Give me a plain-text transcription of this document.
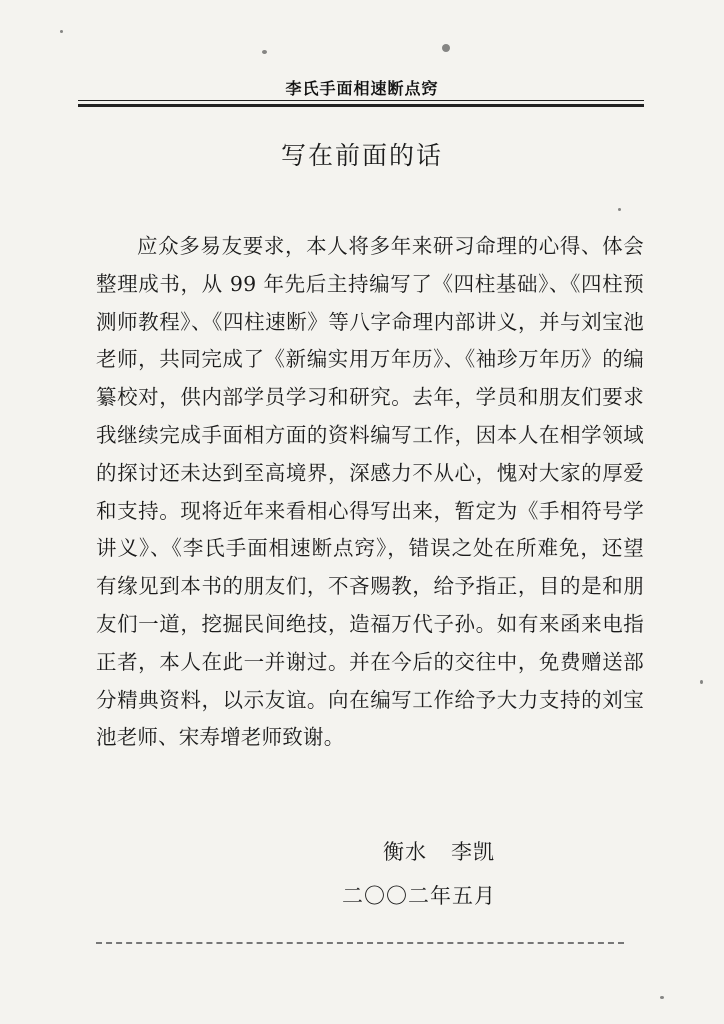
李氏手面相速断点窍
写在前面的话

应众多易友要求，本人将多年来研习命理的心得、体会整理成书，从 99 年先后主持编写了《四柱基础》、《四柱预测师教程》、《四柱速断》等八字命理内部讲义，并与刘宝池老师，共同完成了《新编实用万年历》、《袖珍万年历》的编纂校对，供内部学员学习和研究。去年，学员和朋友们要求我继续完成手面相方面的资料编写工作，因本人在相学领域的探讨还未达到至高境界，深感力不从心，愧对大家的厚爱和支持。现将近年来看相心得写出来，暂定为《手相符号学讲义》、《李氏手面相速断点窍》，错误之处在所难免，还望有缘见到本书的朋友们，不吝赐教，给予指正，目的是和朋友们一道，挖掘民间绝技，造福万代子孙。如有来函来电指正者，本人在此一并谢过。并在今后的交往中，免费赠送部分精典资料，以示友谊。向在编写工作给予大力支持的刘宝池老师、宋寿增老师致谢。

衡水 李凯
二〇〇二年五月
